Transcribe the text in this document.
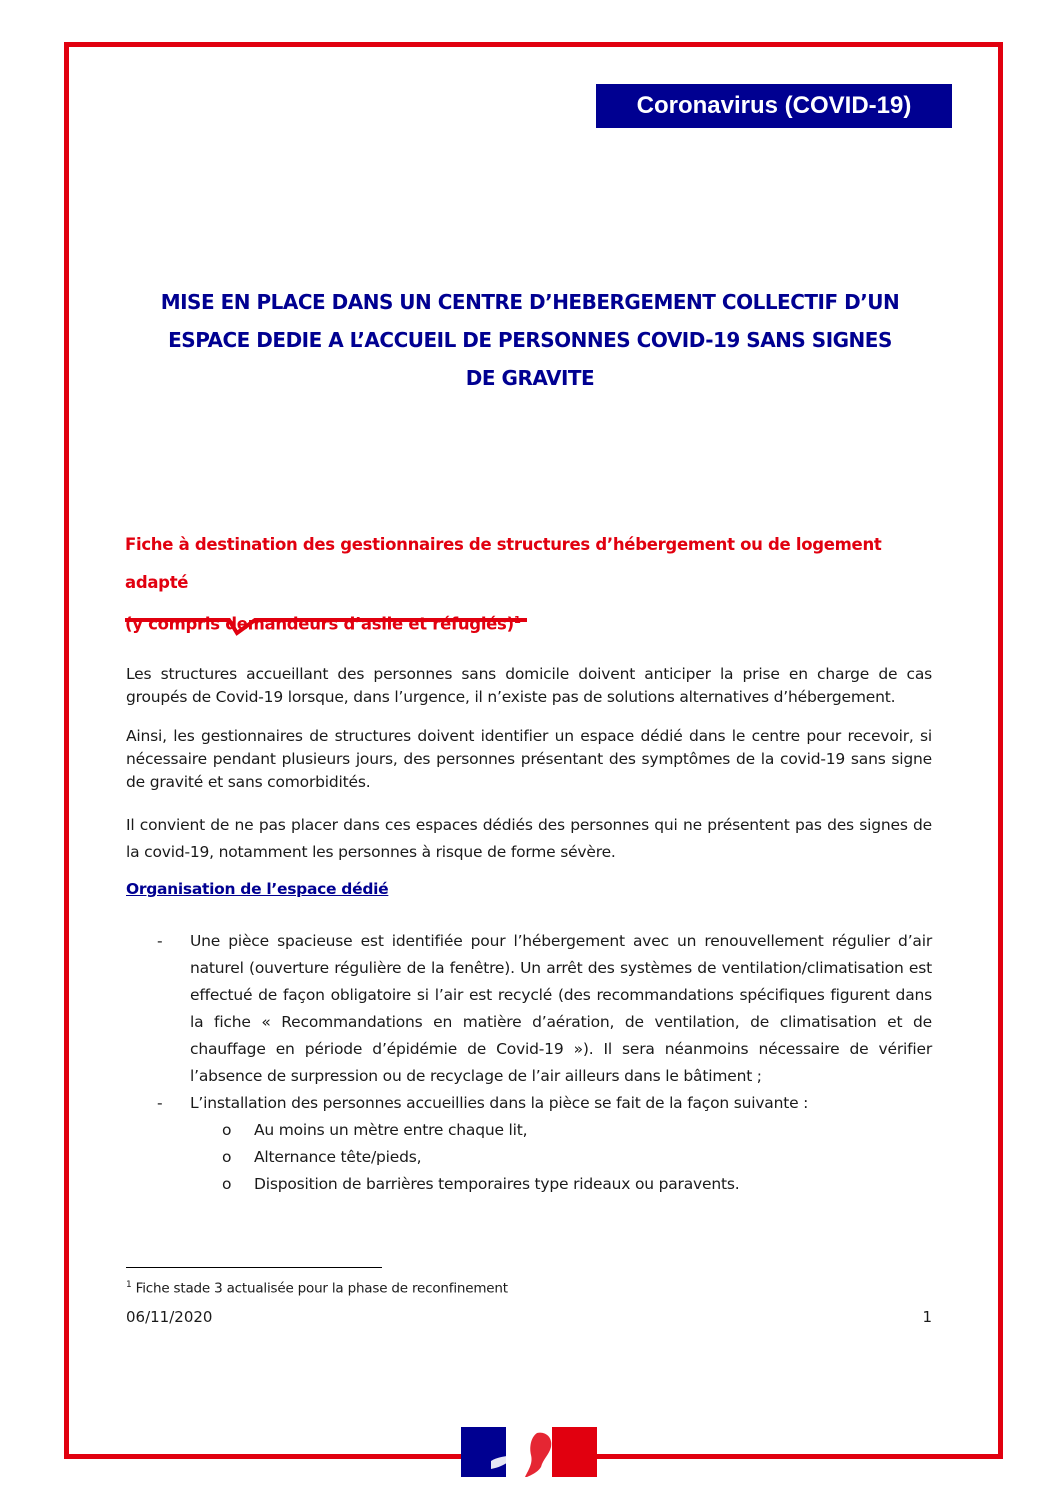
Coronavirus (COVID-19)
MISE EN PLACE DANS UN CENTRE D’HEBERGEMENT COLLECTIF D’UN
ESPACE DEDIE A L’ACCUEIL DE PERSONNES COVID-19 SANS SIGNES
DE GRAVITE
Fiche à destination des gestionnaires de structures d’hébergement ou de logement adapté
(y compris demandeurs d’asile et réfugiés)$^1$
Les structures accueillant des personnes sans domicile doivent anticiper la prise en charge de cas groupés de Covid-19 lorsque, dans l’urgence, il n’existe pas de solutions alternatives d’hébergement.
Ainsi, les gestionnaires de structures doivent identifier un espace dédié dans le centre pour recevoir, si nécessaire pendant plusieurs jours, des personnes présentant des symptômes de la covid-19 sans signe de gravité et sans comorbidités.
Il convient de ne pas placer dans ces espaces dédiés des personnes qui ne présentent pas des signes de la covid-19, notamment les personnes à risque de forme sévère.
Organisation de l’espace dédié
- Une pièce spacieuse est identifiée pour l’hébergement avec un renouvellement régulier d’air naturel (ouverture régulière de la fenêtre). Un arrêt des systèmes de ventilation/climatisation est effectué de façon obligatoire si l’air est recyclé (des recommandations spécifiques figurent dans la fiche « Recommandations en matière d’aération, de ventilation, de climatisation et de chauffage en période d’épidémie de Covid-19 »). Il sera néanmoins nécessaire de vérifier l’absence de surpression ou de recyclage de l’air ailleurs dans le bâtiment ;
- L’installation des personnes accueillies dans la pièce se fait de la façon suivante :
o Au moins un mètre entre chaque lit,
o Alternance tête/pieds,
o Disposition de barrières temporaires type rideaux ou paravents.
$^1$ Fiche stade 3 actualisée pour la phase de reconfinement
06/11/2020	1
